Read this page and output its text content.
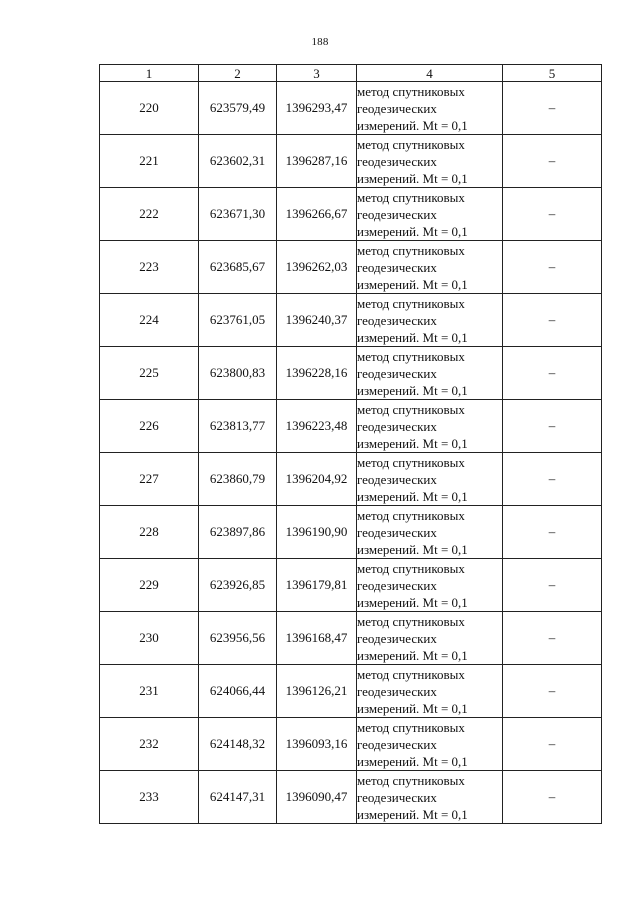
188
1	2	3	4	5
220	623579,49	1396293,47	метод спутниковых
геодезических
измерений. Mt = 0,1	–
221	623602,31	1396287,16	метод спутниковых
геодезических
измерений. Mt = 0,1	–
222	623671,30	1396266,67	метод спутниковых
геодезических
измерений. Mt = 0,1	–
223	623685,67	1396262,03	метод спутниковых
геодезических
измерений. Mt = 0,1	–
224	623761,05	1396240,37	метод спутниковых
геодезических
измерений. Mt = 0,1	–
225	623800,83	1396228,16	метод спутниковых
геодезических
измерений. Mt = 0,1	–
226	623813,77	1396223,48	метод спутниковых
геодезических
измерений. Mt = 0,1	–
227	623860,79	1396204,92	метод спутниковых
геодезических
измерений. Mt = 0,1	–
228	623897,86	1396190,90	метод спутниковых
геодезических
измерений. Mt = 0,1	–
229	623926,85	1396179,81	метод спутниковых
геодезических
измерений. Mt = 0,1	–
230	623956,56	1396168,47	метод спутниковых
геодезических
измерений. Mt = 0,1	–
231	624066,44	1396126,21	метод спутниковых
геодезических
измерений. Mt = 0,1	–
232	624148,32	1396093,16	метод спутниковых
геодезических
измерений. Mt = 0,1	–
233	624147,31	1396090,47	метод спутниковых
геодезических
измерений. Mt = 0,1	–
